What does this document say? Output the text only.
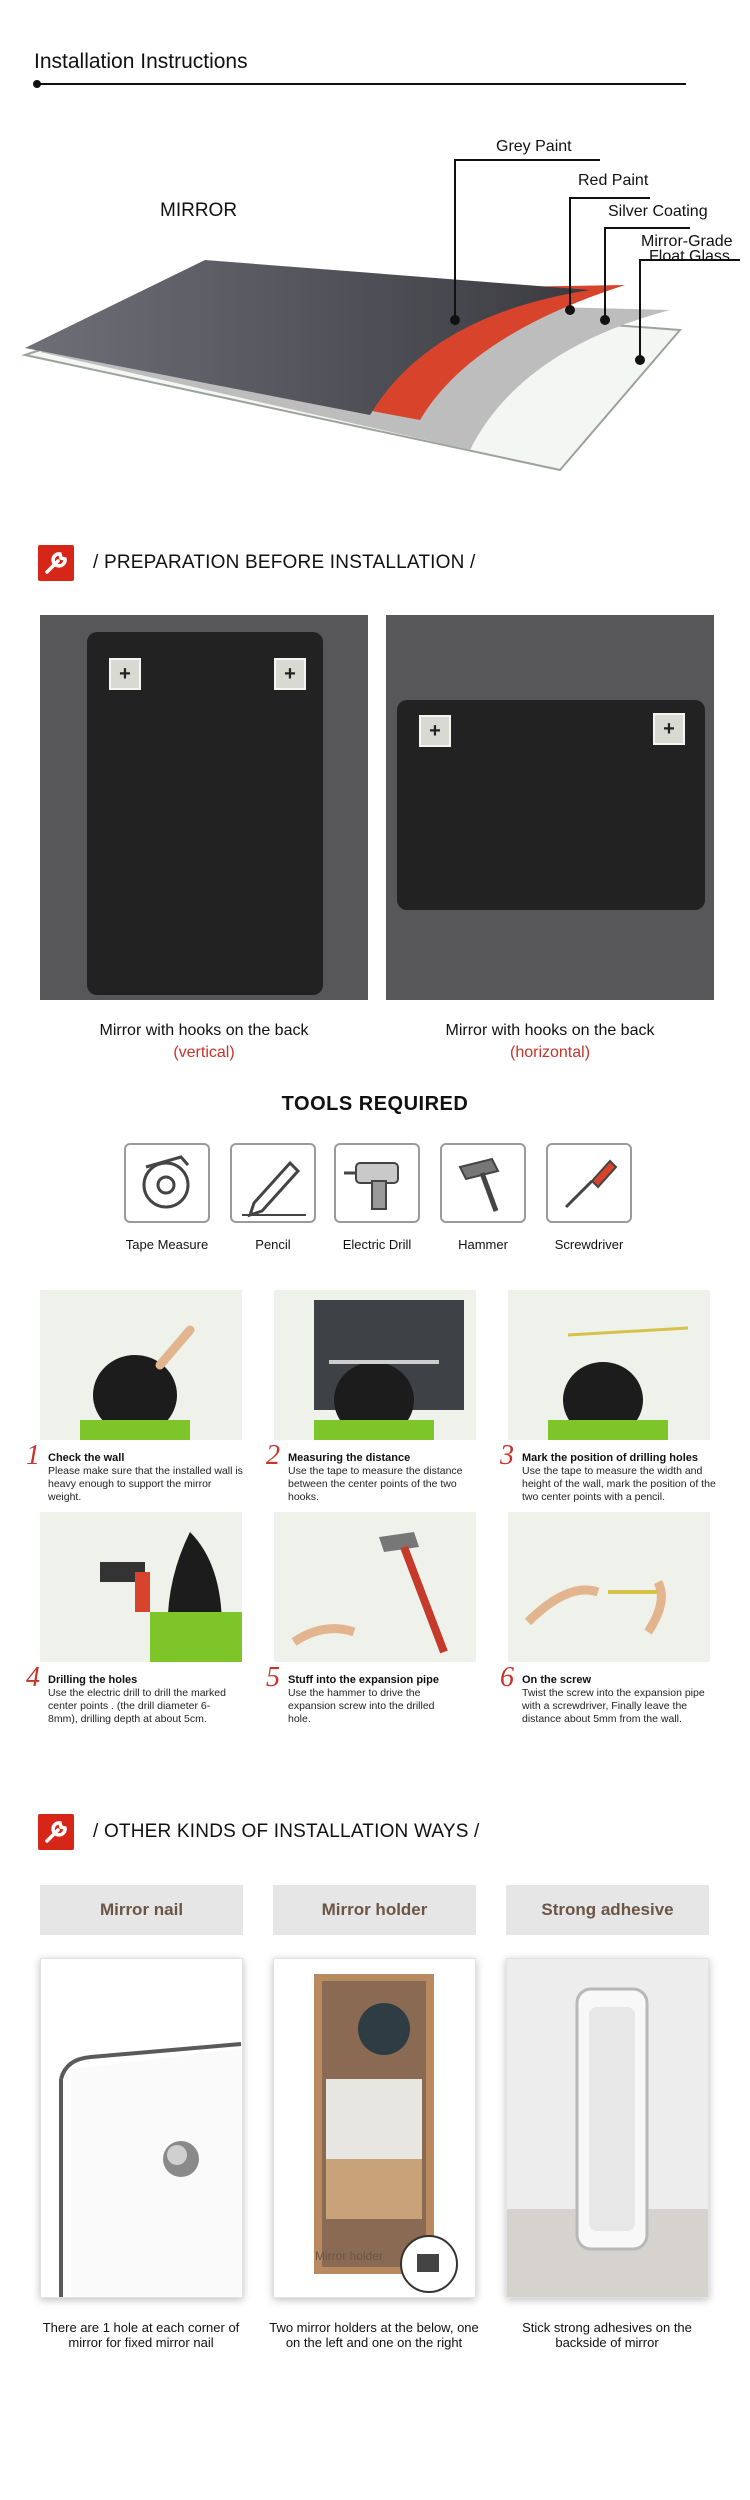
Installation Instructions
MIRROR
Grey Paint
Red Paint
Silver Coating
Mirror-Grade
Float Glass
/ PREPARATION BEFORE INSTALLATION /
+	+
+	+
Mirror with hooks on the back
(vertical)
Mirror with hooks on the back
(horizontal)
TOOLS REQUIRED
Tape Measure	Pencil	Electric Drill	Hammer	Screwdriver
1 Check the wall
Please make sure that the installed wall is heavy enough to support the mirror weight.
2 Measuring the distance
Use the tape to measure the distance between the center points of the two hooks.
3 Mark the position of drilling holes
Use the tape to measure the width and height of the wall, mark the position of the two center points with a pencil.
4 Drilling the holes
Use the electric drill to drill the marked center points . (the drill diameter 6-8mm), drilling depth at about 5cm.
5 Stuff into the expansion pipe
Use the hammer to drive the expansion screw into the drilled hole.
6 On the screw
Twist the screw into the expansion pipe with a screwdriver, Finally leave the distance about 5mm from the wall.
/ OTHER KINDS OF INSTALLATION WAYS /
Mirror nail	Mirror holder	Strong adhesive
Mirror holder
There are 1 hole at each corner of mirror for fixed mirror nail
Two mirror holders at the below, one on the left and one on the right
Stick strong adhesives on the backside of mirror
